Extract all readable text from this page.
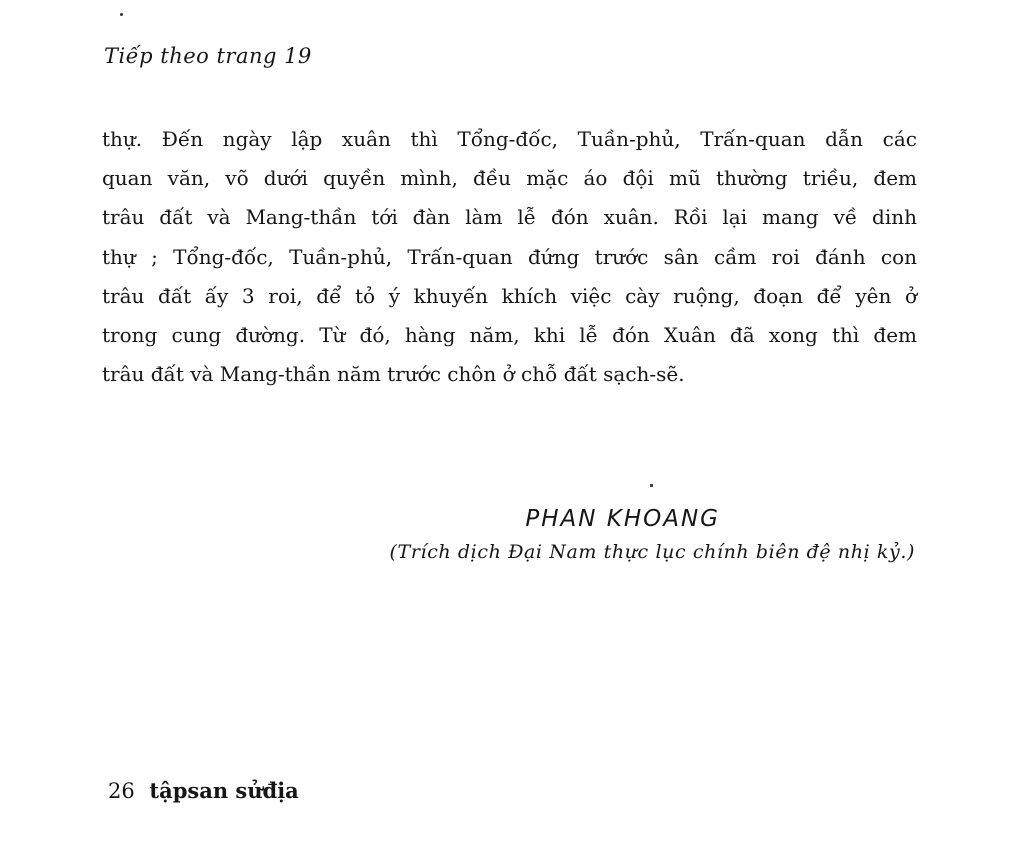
Tiếp theo trang 19

thự. Đến ngày lập xuân thì Tổng-đốc, Tuần-phủ, Trấn-quan dẫn các
quan văn, võ dưới quyền mình, đều mặc áo đội mũ thường triều, đem
trâu đất và Mang-thần tới đàn làm lễ đón xuân. Rồi lại mang về dinh
thự ; Tổng-đốc, Tuần-phủ, Trấn-quan đứng trước sân cầm roi đánh con
trâu đất ấy 3 roi, để tỏ ý khuyến khích việc cày ruộng, đoạn để yên ở
trong cung đường. Từ đó, hàng năm, khi lễ đón Xuân đã xong thì đem
trâu đất và Mang-thần năm trước chôn ở chỗ đất sạch-sẽ.

PHAN KHOANG

(Trích dịch Đại Nam thực lục chính biên đệ nhị kỷ.)

26 tậpsan sửđịa
